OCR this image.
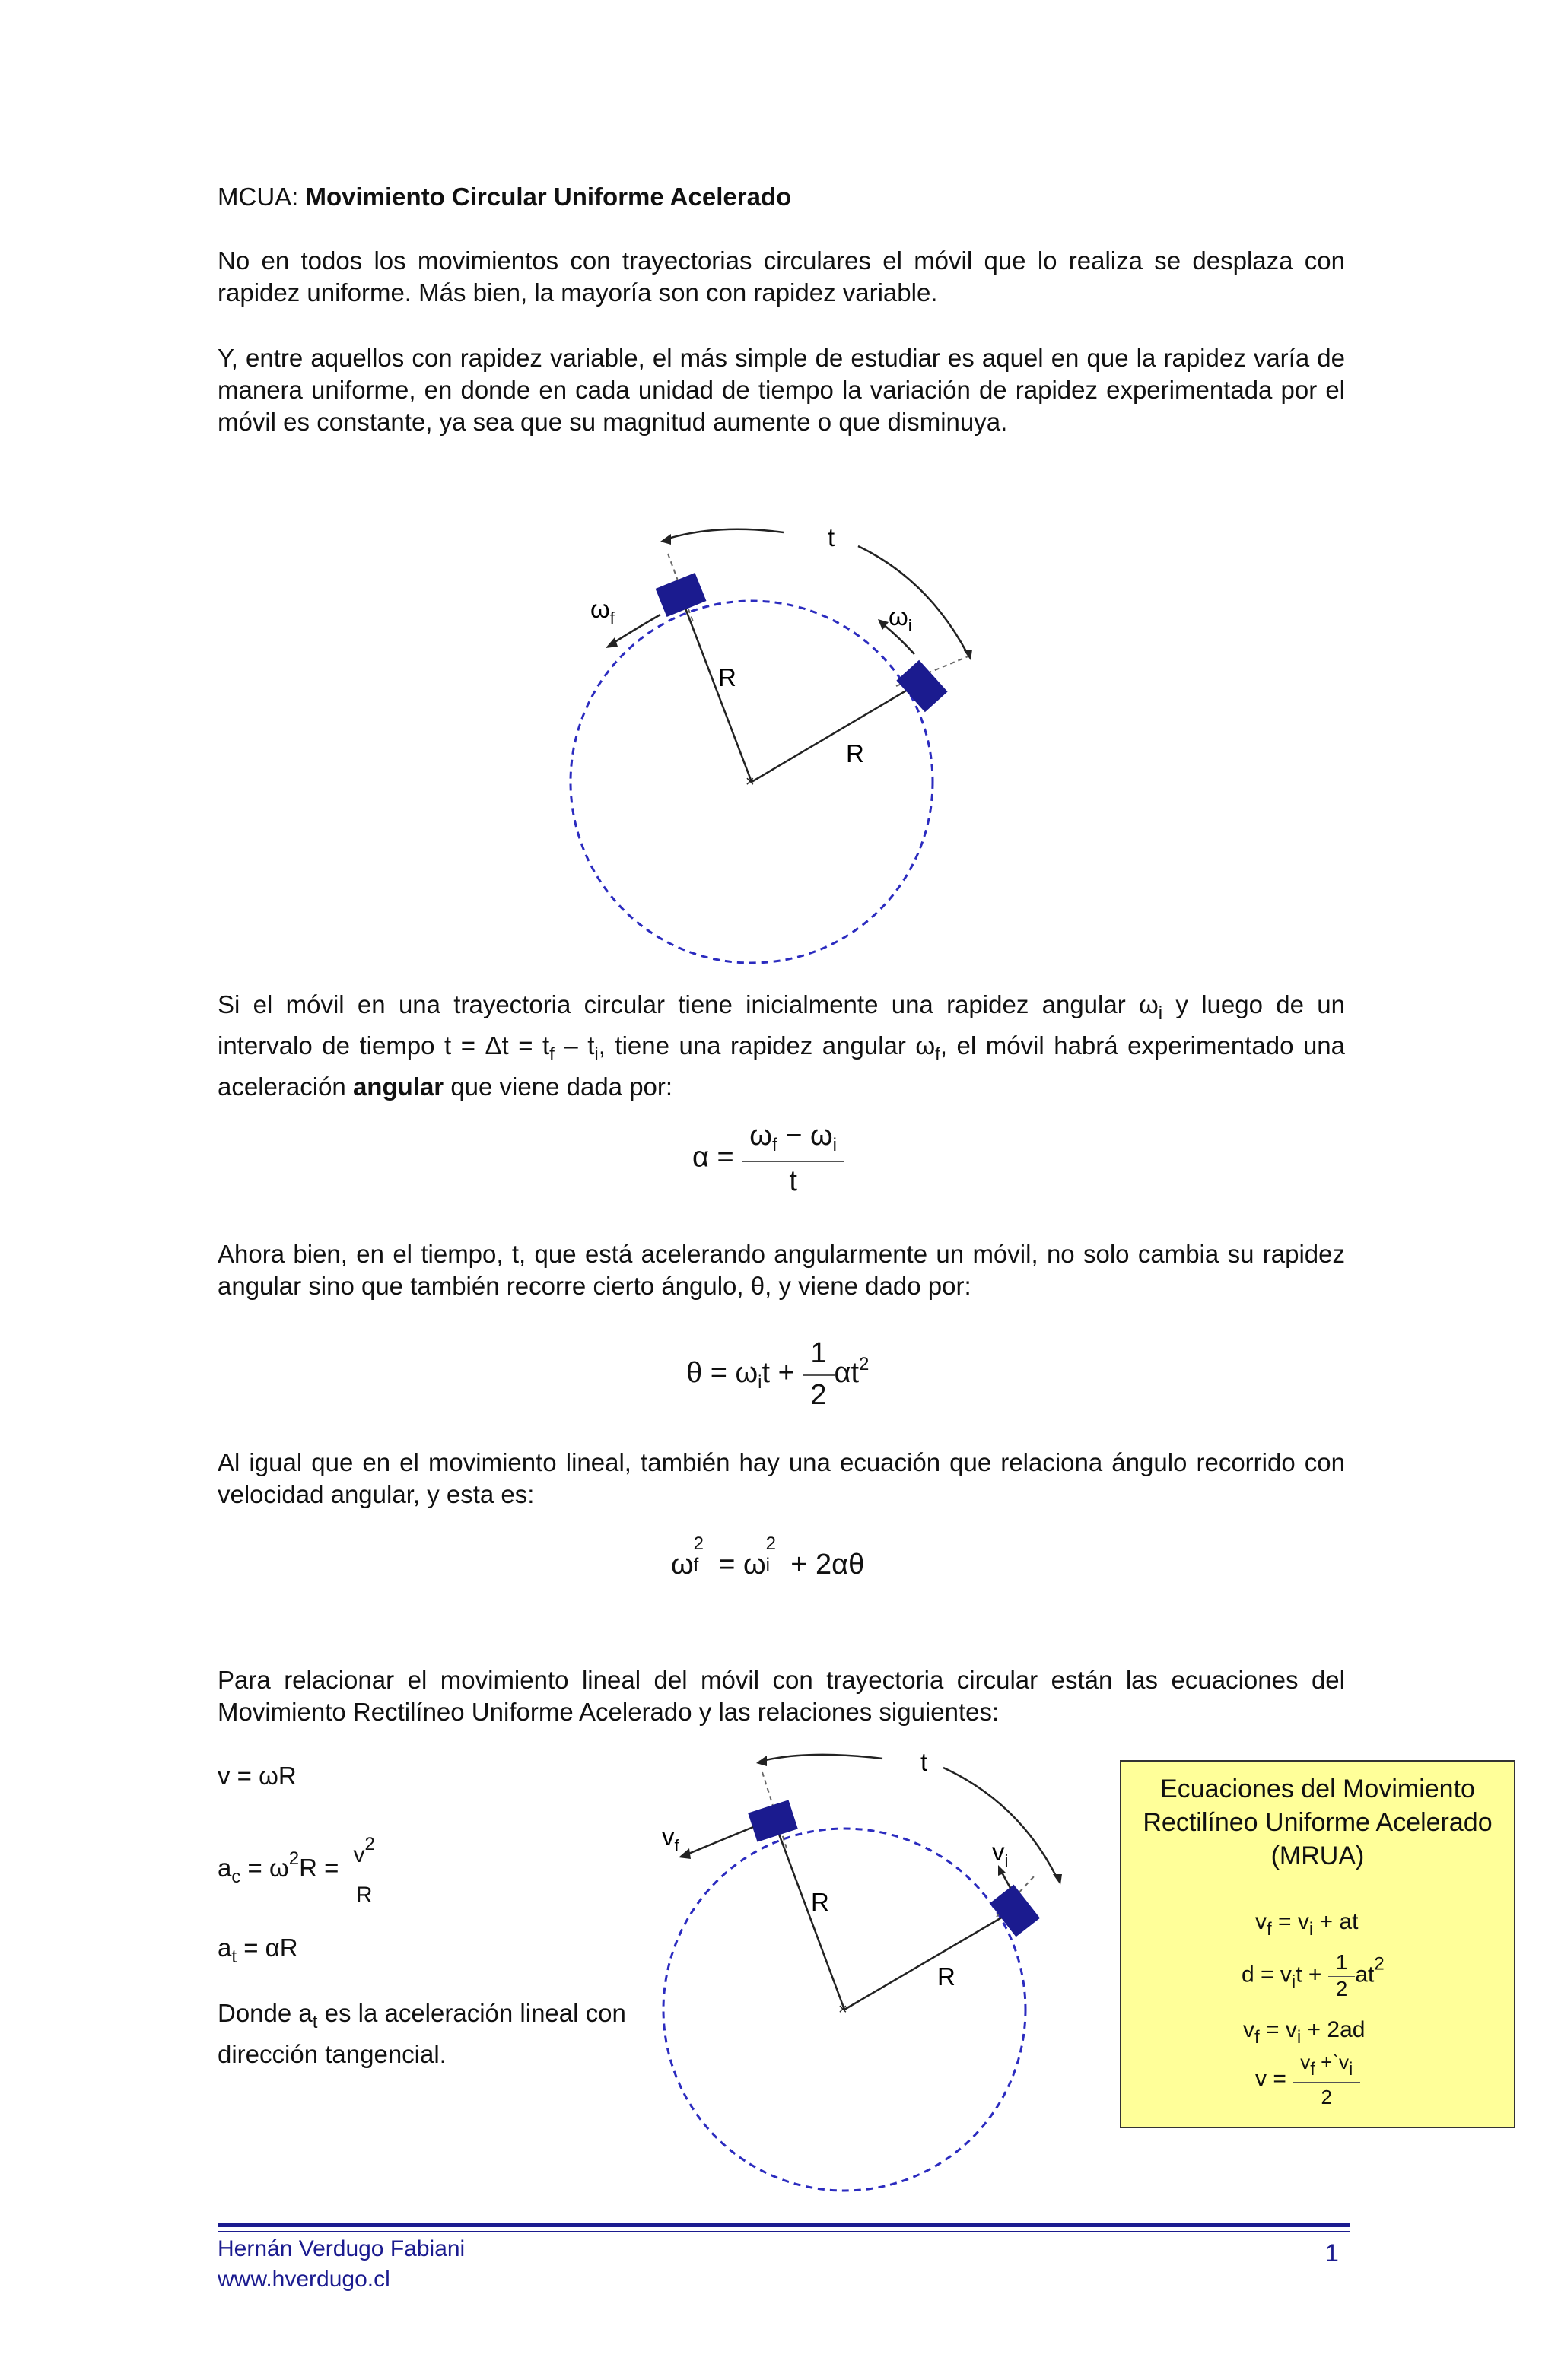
MCUA: Movimiento Circular Uniforme Acelerado

No en todos los movimientos con trayectorias circulares el móvil que lo realiza se desplaza con rapidez uniforme. Más bien, la mayoría son con rapidez variable.

Y, entre aquellos con rapidez variable, el más simple de estudiar es aquel en que la rapidez varía de manera uniforme, en donde en cada unidad de tiempo la variación de rapidez experimentada por el móvil es constante, ya sea que su magnitud aumente o que disminuya.

×
t
$\omega_f$	$\omega_i$
R
R

Si el móvil en una trayectoria circular tiene inicialmente una rapidez angular $\omega_i$ y luego de un intervalo de tiempo $t = \Delta t = t_f - t_i$, tiene una rapidez angular $\omega_f$, el móvil habrá experimentado una aceleración angular que viene dada por:

$\alpha = \frac{\omega_f - \omega_i}{t}$

Ahora bien, en el tiempo, t, que está acelerando angularmente un móvil, no solo cambia su rapidez angular sino que también recorre cierto ángulo, θ, y viene dado por:

$\theta = \omega_it + \frac{1}{2} \alpha t^2$

Al igual que en el movimiento lineal, también hay una ecuación que relaciona ángulo recorrido con velocidad angular, y esta es:

ω
2
f = ω
2
i + 2αθ

Para relacionar el movimiento lineal del móvil con trayectoria circular están las ecuaciones del Movimiento Rectilíneo Uniforme Acelerado y las relaciones siguientes:

v = ωR
$a_c = \omega^2R = \frac{v^2}{R}$
$a_t = \alpha R$
Donde $a_t$ es la aceleración lineal con dirección tangencial.
×
t
$v_f$	$v_i$
R
R
Ecuaciones del Movimiento Rectilíneo Uniforme Acelerado (MRUA)
$v_f = v_i$ + at
$d = v_it + \frac{1}{2} at^2$
$v_f = v_i + 2ad$
$v = \frac{vf +`vi}{2}$
Hernán Verdugo Fabiani
www.hverdugo.cl
1
